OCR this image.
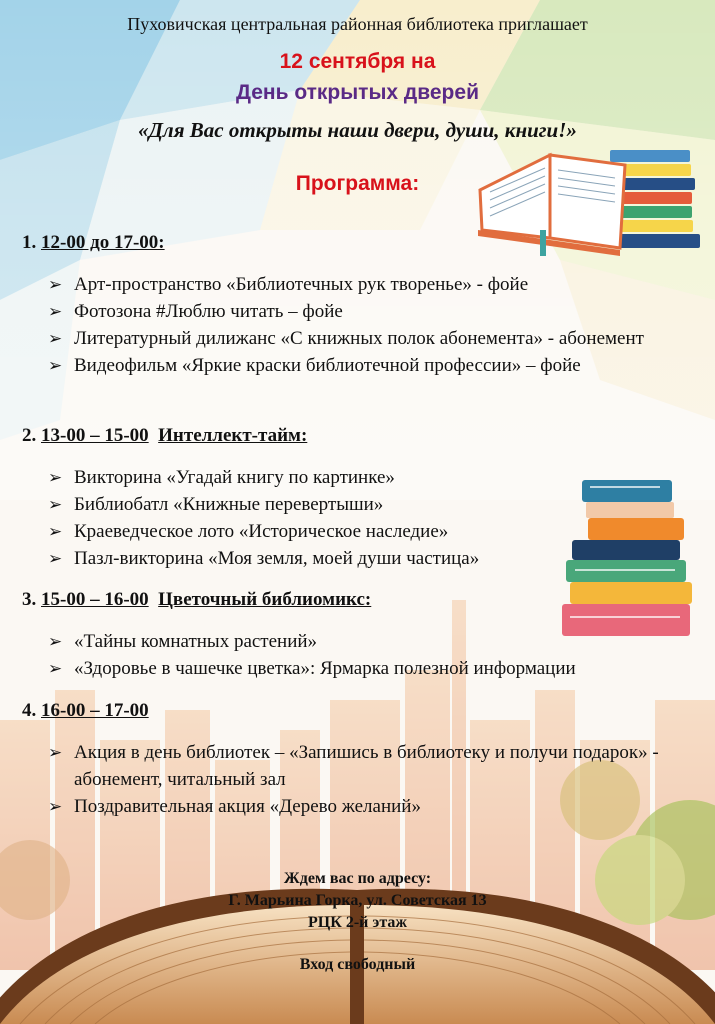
Пуховичская центральная районная библиотека приглашает
12 сентября на
День открытых дверей
«Для Вас открыты наши двери, души, книги!»
Программа:
1. 12-00 до 17-00:
➢ Арт-пространство «Библиотечных рук творенье» - фойе
➢ Фотозона #Люблю читать – фойе
➢ Литературный дилижанс «С книжных полок абонемента» - абонемент
➢ Видеофильм «Яркие краски библиотечной профессии» – фойе
2. 13-00 – 15-00 Интеллект-тайм:
➢ Викторина «Угадай книгу по картинке»
➢ Библиобатл «Книжные перевертыши»
➢ Краеведческое лото «Историческое наследие»
➢ Пазл-викторина «Моя земля, моей души частица»
3. 15-00 – 16-00 Цветочный библиомикс:
➢ «Тайны комнатных растений»
➢ «Здоровье в чашечке цветка»: Ярмарка полезной информации
4. 16-00 – 17-00
➢ Акция в день библиотек – «Запишись в библиотеку и получи подарок» - абонемент, читальный зал
➢ Поздравительная акция «Дерево желаний»
Ждем вас по адресу:
Г. Марьина Горка, ул. Советская 13
РЦК 2-й этаж
Вход свободный
